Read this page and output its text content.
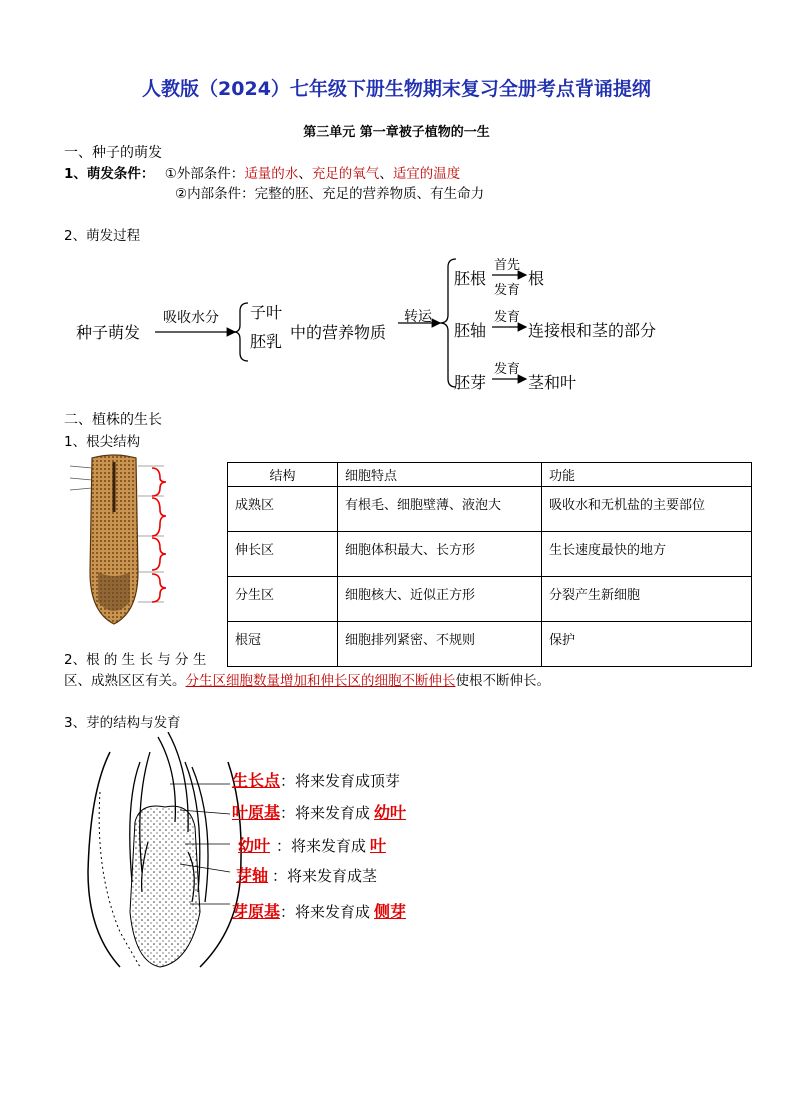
人教版（2024）七年级下册生物期末复习全册考点背诵提纲
第三单元 第一章被子植物的一生
一、种子的萌发
1、萌发条件： ①外部条件：适量的水、充足的氧气、适宜的温度
②内部条件：完整的胚、充足的营养物质、有生命力
2、萌发过程
种子萌发
吸收水分 子叶
胚乳 中的营养物质
转运
胚根
首先
发育
根
胚轴
发育
连接根和茎的部分
胚芽
发育
茎和叶
二、植株的生长
1、根尖结构
结构	细胞特点	功能
成熟区	有根毛、细胞壁薄、液泡大	吸收水和无机盐的主要部位
伸长区	细胞体积最大、长方形	生长速度最快的地方
分生区	细胞核大、近似正方形	分裂产生新细胞
根冠	细胞排列紧密、不规则	保护
2、根 的 生 长 与 分 生
区、成熟区区有关。分生区细胞数量增加和伸长区的细胞不断伸长使根不断伸长。
3、芽的结构与发育
生长点：将来发育成顶芽
叶原基：将来发育成 幼叶
幼叶 ：将来发育成 叶
芽轴 ：将来发育成茎
芽原基：将来发育成 侧芽
